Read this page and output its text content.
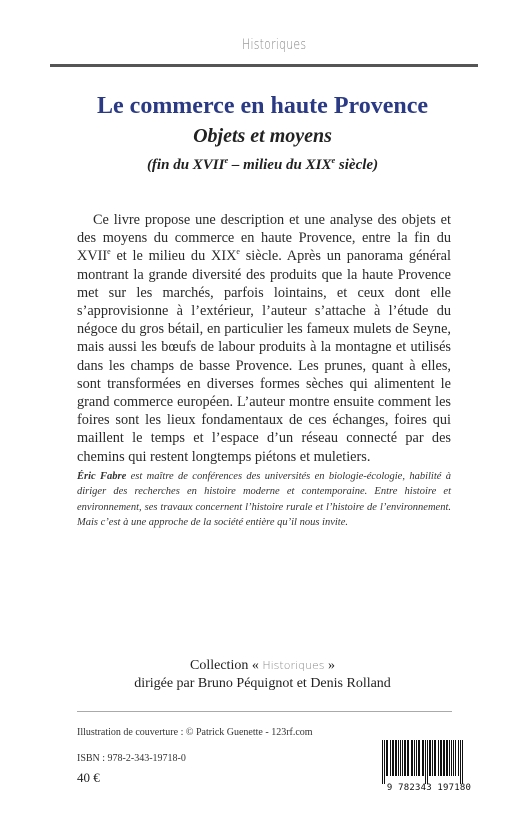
Historiques
Le commerce en haute Provence
Objets et moyens
(fin du XVIIe – milieu du XIXe siècle)
Ce livre propose une description et une analyse des objets et des moyens du commerce en haute Provence, entre la fin du XVIIe et le milieu du XIXe siècle. Après un panorama général montrant la grande diversité des produits que la haute Provence met sur les marchés, parfois lointains, et ceux dont elle s’approvisionne à l’extérieur, l’auteur s’attache à l’étude du négoce du gros bétail, en particulier les fameux mulets de Seyne, mais aussi les bœufs de labour produits à la montagne et utilisés dans les champs de basse Provence. Les prunes, quant à elles, sont transformées en diverses formes sèches qui alimentent le grand commerce européen. L’auteur montre ensuite comment les foires sont les lieux fondamentaux de ces échanges, foires qui maillent le temps et l’espace d’un réseau connecté par des chemins qui restent longtemps piétons et muletiers.
Éric Fabre est maître de conférences des universités en biologie-écologie, habilité à diriger des recherches en histoire moderne et contemporaine. Entre histoire et environnement, ses travaux concernent l’histoire rurale et l’histoire de l’environnement. Mais c’est à une approche de la société entière qu’il nous invite.
Collection « Historiques »
dirigée par Bruno Péquignot et Denis Rolland
Illustration de couverture : © Patrick Guenette - 123rf.com
ISBN : 978-2-343-19718-0
40 €
9 782343 197180
